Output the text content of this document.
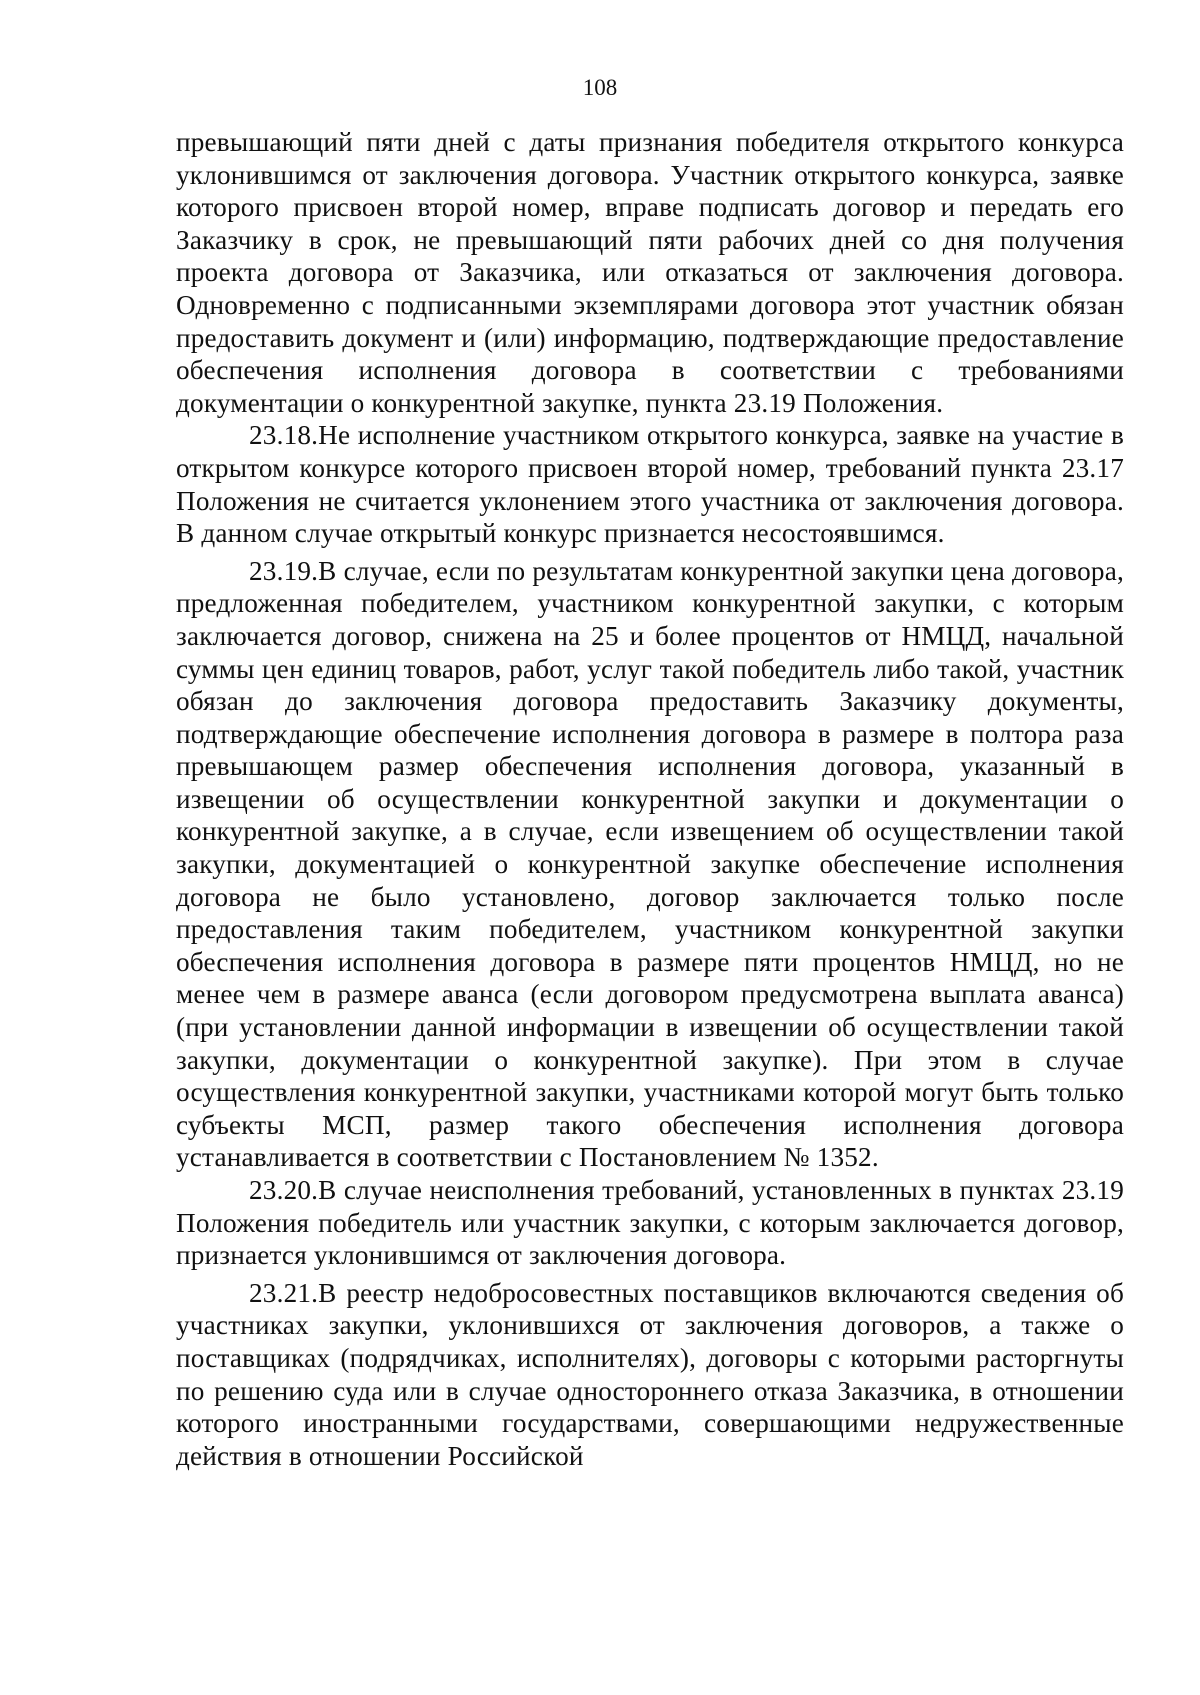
108

превышающий пяти дней с даты признания победителя открытого конкурса уклонившимся от заключения договора. Участник открытого конкурса, заявке которого присвоен второй номер, вправе подписать договор и передать его Заказчику в срок, не превышающий пяти рабочих дней со дня получения проекта договора от Заказчика, или отказаться от заключения договора. Одновременно с подписанными экземплярами договора этот участник обязан предоставить документ и (или) информацию, подтверждающие предоставление обеспечения исполнения договора в соответствии с требованиями документации о конкурентной закупке, пункта 23.19 Положения.

23.18.Не исполнение участником открытого конкурса, заявке на участие в открытом конкурсе которого присвоен второй номер, требований пункта 23.17 Положения не считается уклонением этого участника от заключения договора. В данном случае открытый конкурс признается несостоявшимся.

23.19.В случае, если по результатам конкурентной закупки цена договора, предложенная победителем, участником конкурентной закупки, с которым заключается договор, снижена на 25 и более процентов от НМЦД, начальной суммы цен единиц товаров, работ, услуг такой победитель либо такой, участник обязан до заключения договора предоставить Заказчику документы, подтверждающие обеспечение исполнения договора в размере в полтора раза превышающем размер обеспечения исполнения договора, указанный в извещении об осуществлении конкурентной закупки и документации о конкурентной закупке, а в случае, если извещением об осуществлении такой закупки, документацией о конкурентной закупке обеспечение исполнения договора не было установлено, договор заключается только после предоставления таким победителем, участником конкурентной закупки обеспечения исполнения договора в размере пяти процентов НМЦД, но не менее чем в размере аванса (если договором предусмотрена выплата аванса) (при установлении данной информации в извещении об осуществлении такой закупки, документации о конкурентной закупке). При этом в случае осуществления конкурентной закупки, участниками которой могут быть только субъекты МСП, размер такого обеспечения исполнения договора устанавливается в соответствии с Постановлением № 1352.

23.20.В случае неисполнения требований, установленных в пунктах 23.19 Положения победитель или участник закупки, с которым заключается договор, признается уклонившимся от заключения договора.

23.21.В реестр недобросовестных поставщиков включаются сведения об участниках закупки, уклонившихся от заключения договоров, а также о поставщиках (подрядчиках, исполнителях), договоры с которыми расторгнуты по решению суда или в случае одностороннего отказа Заказчика, в отношении которого иностранными государствами, совершающими недружественные действия в отношении Российской
